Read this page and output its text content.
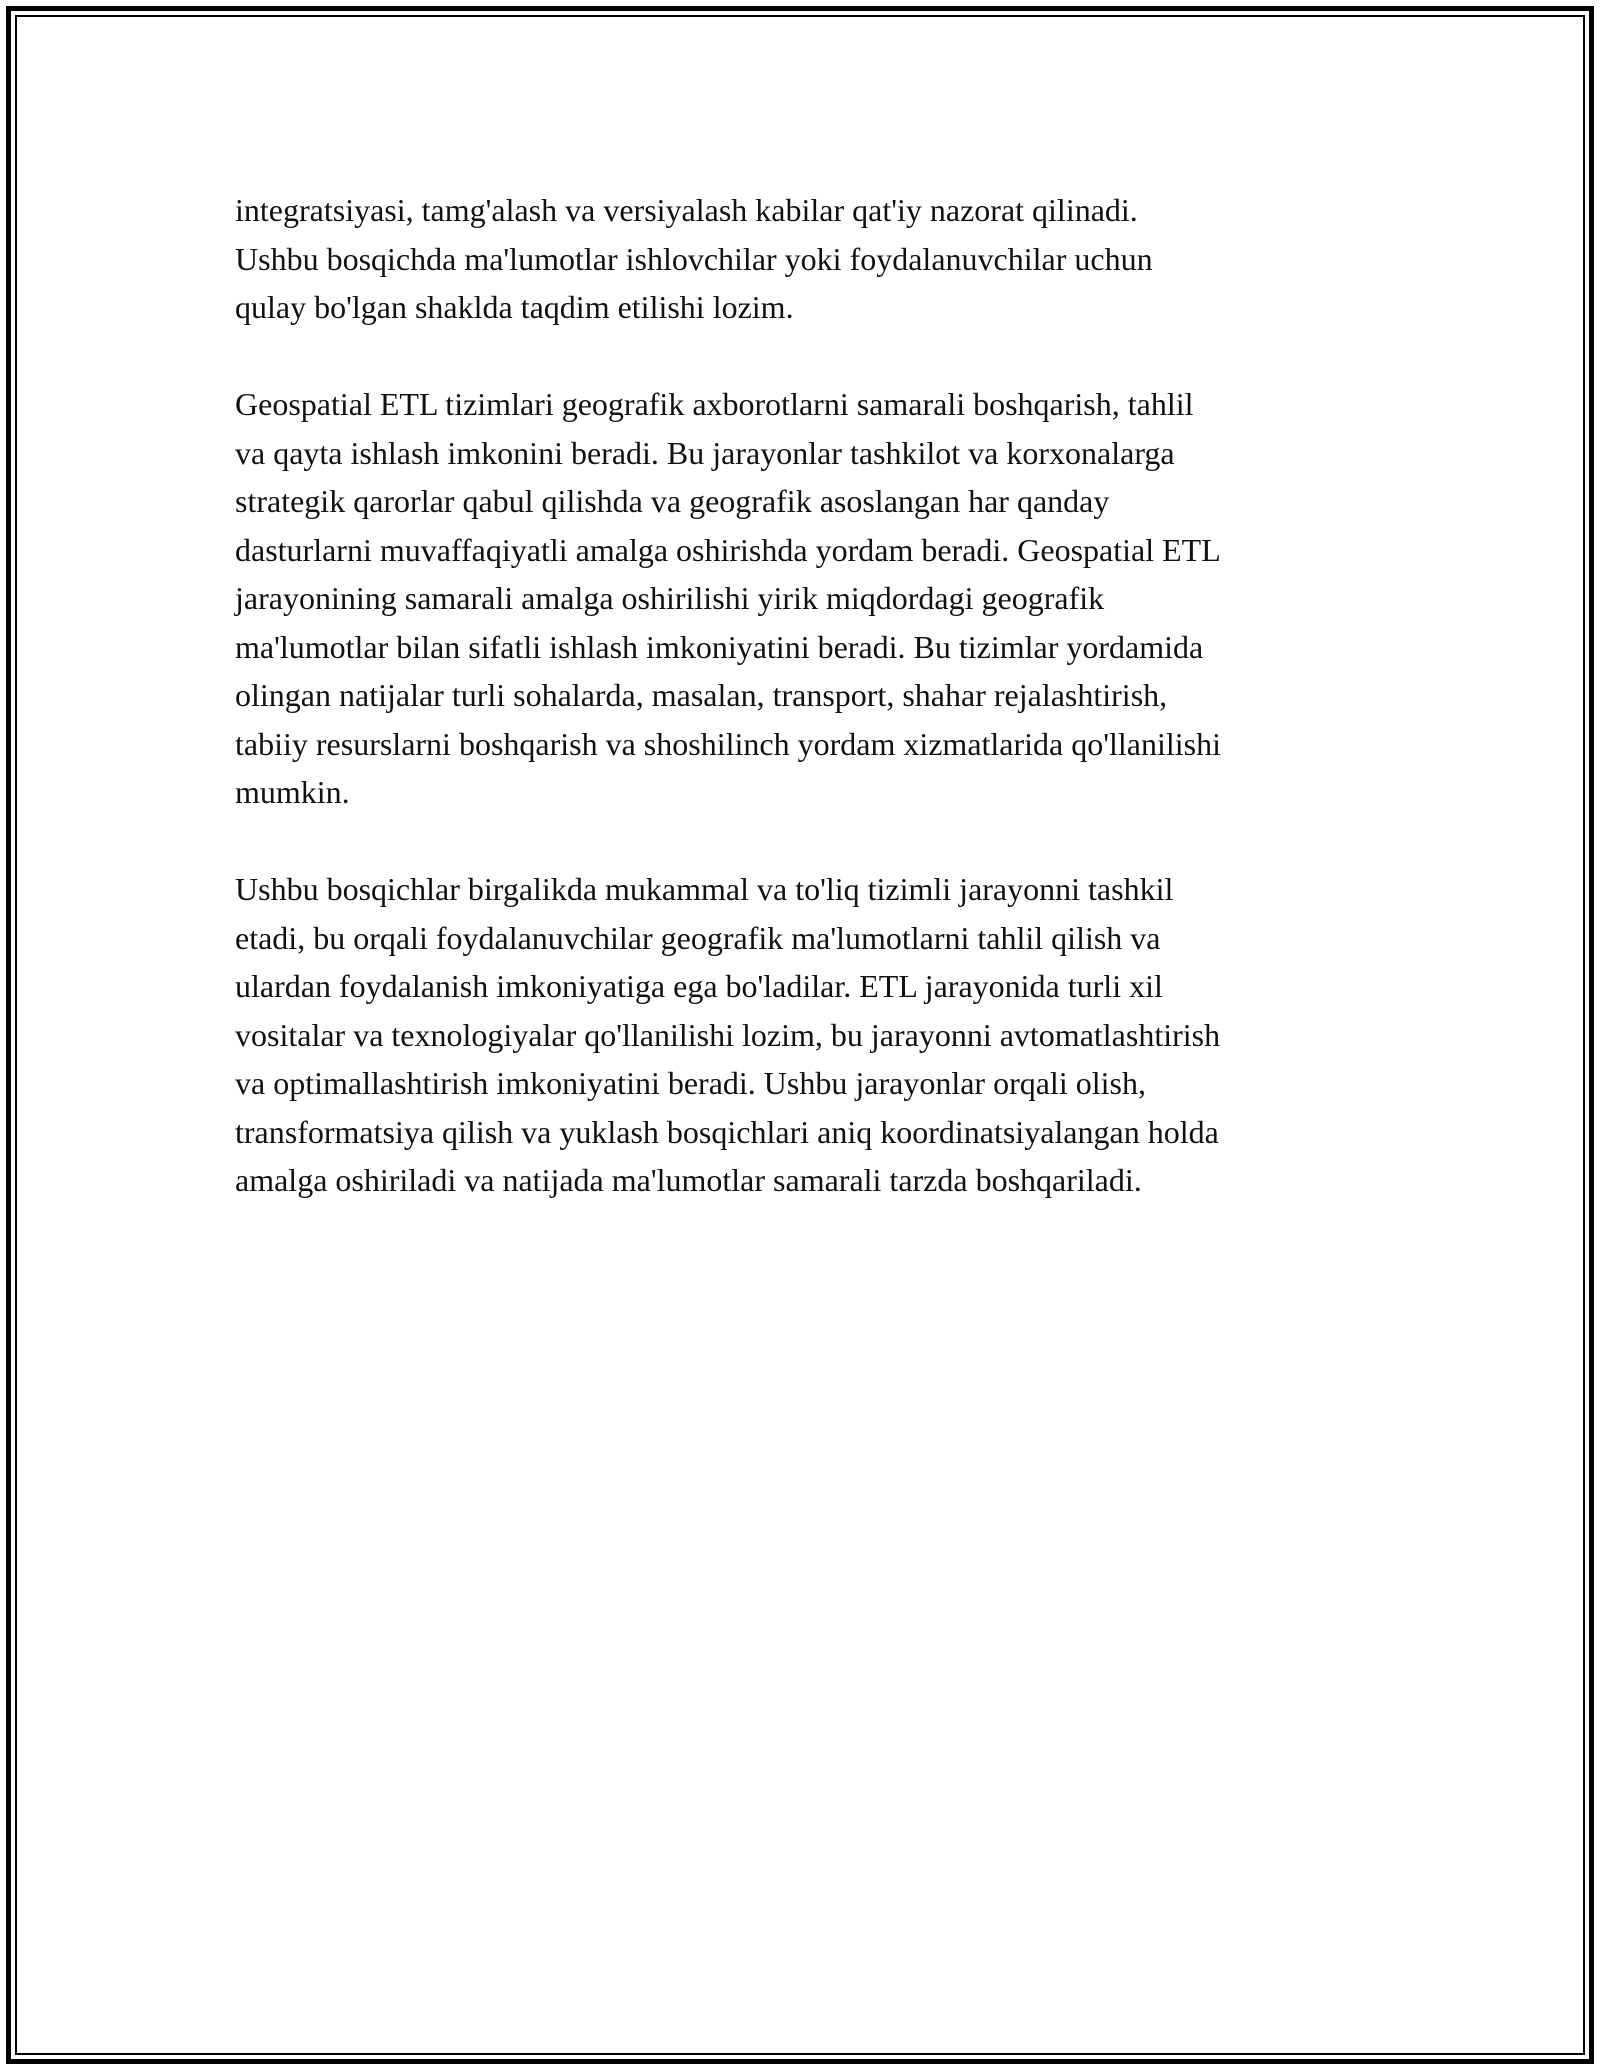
integratsiyasi, tamg'alash va versiyalash kabilar qat'iy nazorat qilinadi.
Ushbu bosqichda ma'lumotlar ishlovchilar yoki foydalanuvchilar uchun
qulay bo'lgan shaklda taqdim etilishi lozim.

Geospatial ETL tizimlari geografik axborotlarni samarali boshqarish, tahlil
va qayta ishlash imkonini beradi. Bu jarayonlar tashkilot va korxonalarga
strategik qarorlar qabul qilishda va geografik asoslangan har qanday
dasturlarni muvaffaqiyatli amalga oshirishda yordam beradi. Geospatial ETL
jarayonining samarali amalga oshirilishi yirik miqdordagi geografik
ma'lumotlar bilan sifatli ishlash imkoniyatini beradi. Bu tizimlar yordamida
olingan natijalar turli sohalarda, masalan, transport, shahar rejalashtirish,
tabiiy resurslarni boshqarish va shoshilinch yordam xizmatlarida qo'llanilishi
mumkin.

Ushbu bosqichlar birgalikda mukammal va to'liq tizimli jarayonni tashkil
etadi, bu orqali foydalanuvchilar geografik ma'lumotlarni tahlil qilish va
ulardan foydalanish imkoniyatiga ega bo'ladilar. ETL jarayonida turli xil
vositalar va texnologiyalar qo'llanilishi lozim, bu jarayonni avtomatlashtirish
va optimallashtirish imkoniyatini beradi. Ushbu jarayonlar orqali olish,
transformatsiya qilish va yuklash bosqichlari aniq koordinatsiyalangan holda
amalga oshiriladi va natijada ma'lumotlar samarali tarzda boshqariladi.
